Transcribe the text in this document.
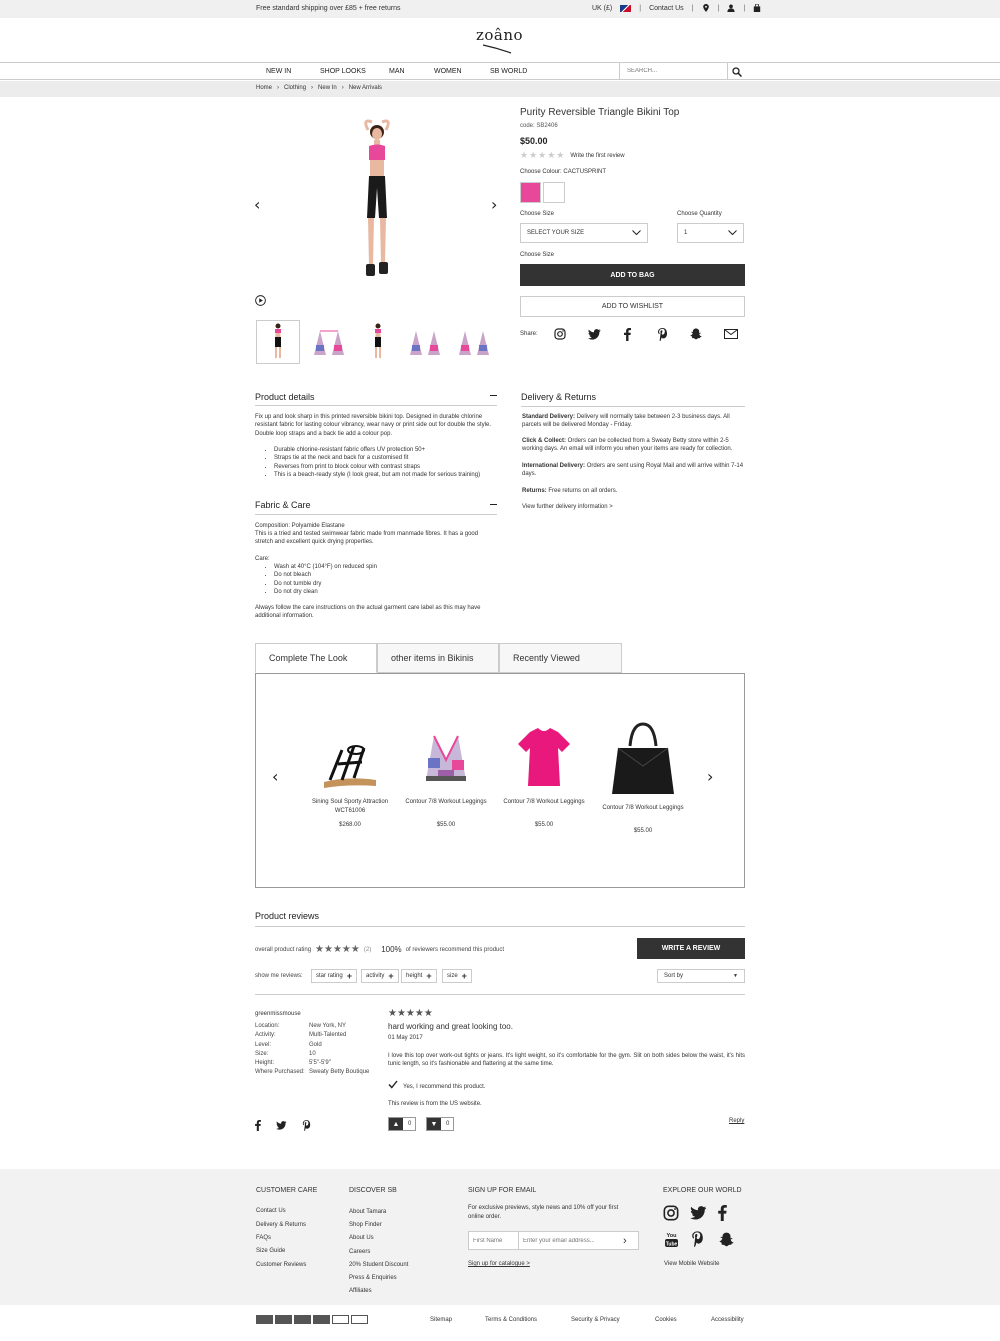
Free standard shipping over £85 + free returns	UK (£)	| Contact Us |	|	|
zoâno
NEW IN	SHOP LOOKS	MAN	WOMEN	SB WORLD
SEARCH...
Home › Clothing › New In › New Arrivals
‹	›
Purity Reversible Triangle Bikini Top
code: SB2406
$50.00
★★★★★ Write the first review
Choose Colour: CACTUSPRINT
Choose Size	Choose Quantity
SELECT YOUR SIZE	1
Choose Size
ADD TO BAG
ADD TO WISHLIST
Share:
Product details
Fix up and look sharp in this printed reversible bikini top. Designed in durable chlorine resistant fabric for lasting colour vibrancy, wear navy or print side out for double the style. Double loop straps and a back tie add a colour pop.
• Durable chlorine-resistant fabric offers UV protection 50+
• Straps tie at the neck and back for a customised fit
• Reverses from print to block colour with contrast straps
• This is a beach-ready style (I look great, but am not made for serious training)
Fabric & Care
Composition: Polyamide Elastane
This is a tried and tested swimwear fabric made from manmade fibres. It has a good stretch and excellent quick drying properties.
Care:
• Wash at 40°C (104°F) on reduced spin
• Do not bleach
• Do not tumble dry
• Do not dry clean
Always follow the care instructions on the actual garment care label as this may have additional information.
Delivery & Returns
Standard Delivery: Delivery will normally take between 2-3 business days. All parcels will be delivered Monday - Friday.
Click & Collect: Orders can be collected from a Sweaty Betty store within 2-5 working days. An email will inform you when your items are ready for collection.
International Delivery: Orders are sent using Royal Mail and will arrive within 7-14 days.
Returns: Free returns on all orders.
View further delivery information >
Complete The Look	other items in Bikinis	Recently Viewed
‹	›
Sining Soul Sporty Attraction WCT61006
$268.00
Contour 7/8 Workout Leggings
$55.00
Contour 7/8 Workout Leggings
$55.00
Contour 7/8 Workout Leggings
$55.00
Product reviews
overall product rating ★★★★★ (2) 100% of reviewers recommend this product	WRITE A REVIEW
show me reviews: star rating + activity + height +	size +	Sort by	▼
greenmissmouse
Location:	New York, NY
Activity:	Multi-Talented
Level:	Gold
Size:	10
Height:	5'5"-5'9"
Where Purchased: Sweaty Betty Boutique
★★★★★
hard working and great looking too.
01 May 2017
I love this top over work-out tights or jeans. It's light weight, so it's comfortable for the gym. Slit on both sides below the waist, it's hits tunic length, so it's fashionable and flattering at the same time.
Yes, I recommend this product.
This review is from the US website.
▲	0	▼	0	Reply
CUSTOMER CARE
Contact Us
Delivery & Returns
FAQs
Size Guide
Customer Reviews
DISCOVER SB
About Tamara
Shop Finder
About Us
Careers
20% Student Discount
Press & Enquiries
Affiliates
SIGN UP FOR EMAIL
For exclusive previews, style news and 10% off your first online order.
First Name
Enter your email address...
›
Sign up for catalogue >
EXPLORE OUR WORLD
You
Tube
View Mobile Website
Sitemap	Terms & Conditions	Security & Privacy	Cookies	Accessibility
